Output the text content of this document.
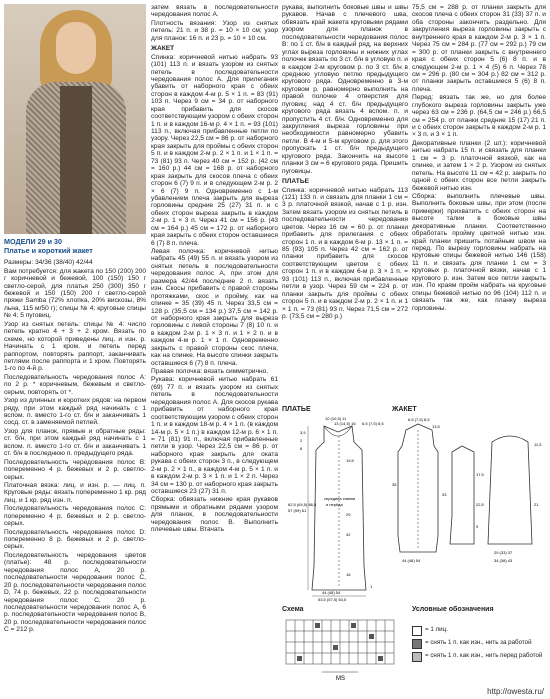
МОДЕЛИ 29 и 30

Платье и короткий жакет

Размеры: 34/36 (38/40) 42/44

Вам потребуется: для жакета по 150 (200) 200 г коричневой и бежевой, 100 (150) 150 г светло-серой, для платья 250 (300) 350 г бежевой и 150 (150) 200 г светло-серой пряжи Samba (72% хлопка, 20% вискозы, 8% льна, 115 м/50 г); спицы № 4; круговые спицы № 4; 5 пуговиц.

Узор из снятых петель: спицы № 4: число петель кратно 4 + 3 + 2 кром. Вязать по схеме, но которой приведены лиц. и изн. р. Начинать с 1 кром. и петель перед раппортом, повторять раппорт, заканчивать петлями после раппорта и 1 кром. Повторять 1-го по 4-й р.

Последовательность чередования полос А: по 2 р. * коричневым, бежевым и светло-серым, повторять от *.

Узор из длинных и коротких рядов: на первом ряду, при этом каждый ряд начинать с 1 вспом. п. вместо 1-го ст. б/н и заканчивать 1 сосд. ст. в заменяемой петлей.

Узор для планок, прямые и обратные ряды: ст. б/н, при этом каждый ряд начинать с 1 вспом. п. вместо 1-го ст. б/н и заканчивать 1 ст. б/н в последнюю п. предыдущего ряда.

Последовательность чередования полос В: попеременно 4 р. бежевых и 2 р. светло-серых.

Платочная вязка: лиц. и изн. р. — лиц. п. Круговые ряды: вязать попеременно 1 кр. ряд лиц. и 1 кр. ряд изн. п.

Последовательность чередования полос С: попеременно 4 р. бежевых и 2 р. светло-серых.

Последовательность чередования полос D: попеременно 8 р. бежевых и 2 р. светло-серых.

Последовательность чередования цветов (платье): 48 р. последовательности чередования полос А, 20 р. последовательности чередования полос С, 20 р. последовательности чередования полос D, 74 р. бежевых, 22 р. последовательности чередования полос С, 20 р. последовательности чередования полос А, 6 р. последовательности чередования полос В, 20 р. последовательности чередования полос С = 212 р.

затем вязать в последовательности чередования полос А.

Плотность вязания: Узор из снятых петель: 21 п. и 38 р. = 10 × 10 см; узор для планок: 16 п. и 23 р. = 10 × 10 см.

ЖАКЕТ

Спинка: коричневой нитью набрать 93 (101) 113 п. и вязать узором из снятых петель в последовательности чередования полос А. Для прилегания убавить от наборного края с обеих сторон в каждом 4-м р. 5 × 1 п. = 83 (91) 103 п. Через 9 см = 34 р. от наборного края прибавить для скосов соответствующим узором с обеих сторон 1 п. и в каждом 16-м р. 4 × 1 п. = 93 (101) 113 п., включая прибавленные петли по узору. Через 22,5 см = 86 р. от наборного края закрыть для проймы с обеих сторон 5 п. и в каждом 2-м р. 2 × 1 п. и 1 × 1 п. = 73 (81) 93 п. Через 40 см = 152 р. (42 см = 160 р.) 44 см = 168 р. от наборного края закрыть для скосов плеча с обеих сторон 6 (7) 9 п. и в следующем 2-м р. 2 × 6 (7) 9 п. Одновременно с 1-м убавлением плеча закрыть для выреза горловины средние 25 (27) 31 п. и с обеих сторон выреза закрыть в каждом 2-м р. 1 × 3 п. Через 41 см = 156 р. (43 см = 164 р.) 45 см = 172 р. от наборного края закрыть с обеих сторон оставшиеся 6 (7) 8 п. плеча.

Левая полочка: коричневой нитью набрать 45 (49) 55 п. и вязать узором из снятых петель в последовательности чередования полос А, при этом для размера 42/44 последние 2 п. вязать изн. Скосы прибавить с правой стороны протяжками, скос и пройму, как на спинке = 35 (39) 45 п. Через 33,5 см = 128 р. (35,5 см = 134 р.) 37,5 см = 142 р. от наборного края закрыть для выреза горловины с левой стороны 7 (8) 10 п. и в каждом 2-м р. 1 × 3 п. и 1 × 2 п. и в каждом 4-м р. 1 × 1 п. Одновременно закрыть с правой стороны скос плеча, как на спинке. На высоте спинки закрыть оставшиеся 6 (7) 8 п. плеча.

Правая полочка: вязать симметрично.

Рукава: коричневой нитью набрать 61 (69) 77 п. и вязать узором из снятых петель в последовательности чередования полос А. Для скосов рукава прибавить от наборного края соответствующим узором с обеих сторон 1 п. и в каждом 18-м р. 4 × 1 п. (в каждом 14-м р. 5 × 1 п.) в каждом 12-м р. 6 × 1 п. = 71 (81) 91 п., включая прибавленные петли в узор. Через 22,5 см = 86 р. от наборного края закрыть для оката рукава с обеих сторон 3 п., в следующем 2-м р. 2 × 1 п., в каждом 4-м р. 5 × 1 п. и в каждом 2-м р. 3 × 1 п. и 1 × 2 п. Через 34 см = 130 р. от наборного края закрыть оставшиеся 23 (27) 31 п.

Сборка: обвязать нижние края рукавов прямыми и обратными рядами узором для планок, в последовательности чередования полос В. Выполнить плечевые швы. Втачать

рукава, выполнить боковые швы и швы рукавов. Начав с плечевого шва, обвязать край жакета круговыми рядами узором для планок в последовательности чередования полос В: по 1 ст. б/н в каждый ряд, на верхних углах выреза горловины и нижних углах полочек вязать по 3 ст. б/н в угловую п. и в каждом 2-м круговом р. по 3 ст. б/н в среднюю угловую петлю предыдущего кругового ряда. Одновременно в 3-м круговом р. равномерно выполнить на правой полочке 4 отверстия для пуговиц: над 4 ст. б/н предыдущего кругового ряда вязать 4 вспом. п. и пропустить 4 ст. б/н. Одновременно для закругления выреза горловины при необходимости равномерно убавить петли. В 4-м и 5-м круговом р. для этого пропускать 1 ст. б/н предыдущего кругового ряда. Закончить на высоте планки 3 см = 6 кругового ряда. Пришить пуговицы.

ПЛАТЬЕ

Спинка: коричневой нитью набрать 113 (121) 133 п. и связать для планки 1 см = 3 р. платочной вязкой, начав с 1 р. изн. Затем вязать узором из снятых петель в последовательности чередования цветов. Через 16 см = 60 р. от планки прибавить для прилегания с обеих сторон 1 п. и в каждом 6-м р. 13 × 1 п. = 85 (93) 105 п. Через 42 см = 162 р. от планки прибавить для скосов соответствующим цветом с обеих сторон 1 п. и в каждом 6-м р. 3 × 1 п. = 93 (101) 113 п., включая прибавленные петли в узор. Через 59 см = 224 р. от планки закрыть для проймы с обеих сторон 5 п. и в каждом 2-м р. 2 × 1 п. и 1 × 1 п. = 73 (81) 93 п. Через 71,5 см = 272 р. (73,5 см = 280 р.)

75,5 см = 288 р. от планки закрыть для скосов плеча с обеих сторон 31 (33) 37 п. и оба стороны закончить раздельно. Для закругления выреза горловины закрыть с внутреннего края в каждом 2-м р. 3 × 1 п. Через 75 см = 284 р. (77 см = 292 р.) 79 см = 300 р. от планки закрыть с внутреннего края с обеих сторон 5 (6) 8 п. и в следующем 2-м р. 1 × 4 (5) 6 п. Через 78 см = 296 р. (80 см = 304 р.) 82 см = 312 р. от планки закрыть оставшиеся 5 (6) 8 п. плеча.

Перед: вязать так же, но для более глубокого выреза горловины закрыть уже через 63 см = 236 р. (64,5 см = 246 р.) 66,5 см = 254 р. от планки средние 15 (17) 21 п. и с обеих сторон закрыть в каждом 2-м р. 1 × 3 п. и 3 × 1 п.

Декоративные планки (2 шт.): коричневой нитью набрать 15 п. и связать для планки 1 см = 3 р. платочной вязкой, как на спинке, и затем 1 × 2 р. Узором из снятых петель. На высоте 11 см = 42 р. закрыть по одной с обеих сторон все петли закрыть бежевой нитью изн.

Сборка: выполнить плечевые швы. Выполнить боковые швы, при этом (после примерки) прихватить с обеих сторон на высоте талии в боковые швы декоративные планки. Соответственно обработать пройму цветной нитью изн. край планки пришить потайным швом на перед. По вырезу горловины набрать на круговые спицы бежевой нитью 146 (158) 11 п. и связать для планки 1 см = 3 круговых р. платочной вязки, начав с 1 кругового р. изн. Затем все петли закрыть изн. По краям пройм набрать на круговые спицы бежевой нитью по 96 (104) 112 п. и связать так же, как планку выреза горловины.

ПЛАТЬЕ	ЖАКЕТ
Схема	Условные обозначения
10 (10,5) 11
13 (14,5) 16 6,5 (7,5) 8,5
3,5
2
6
19,5
62,5 (64,5) 66,5
57 (59) 61
середина спинки
и перёда
29
42
16
1
44 (48) 54
53,5 (57,5) 63,5
6,5 (7,5) 8,5
13,5
35
33
17,5
22,5
9
11,5
21
44 (48) 54
29 (33) 37
34 (38) 43
MS
= 1 лиц.
= снять 1 п. как изн., нить за работой
= снять 1 п. как изн., нить перед работой
http://owesta.ru/
